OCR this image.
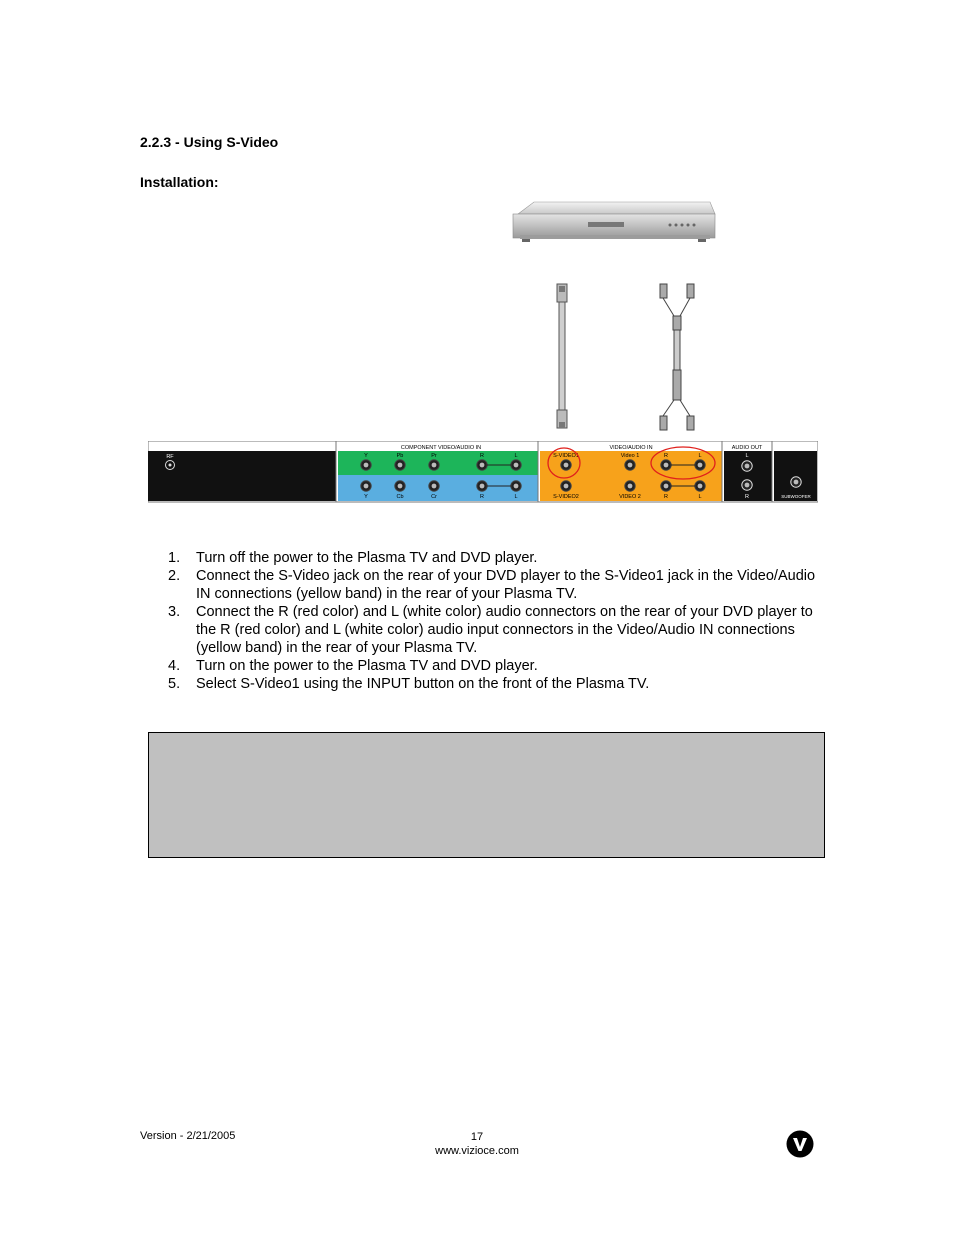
2.2.3 - Using S-Video
Installation:
COMPONENT VIDEO/AUDIO IN	VIDEO/AUDIO IN	AUDIO OUT
RF	Y	Pb	Pr	R	L
Y	Cb	Cr	R	L
S-VIDEO1	Video 1	R	L
S-VIDEO2	VIDEO 2	R	L
L
R	SUBWOOFER
1.	Turn off the power to the Plasma TV and DVD player.
2.	Connect the S-Video jack on the rear of your DVD player to the S-Video1 jack in the Video/Audio IN connections (yellow band) in the rear of your Plasma TV.
3.	Connect the R (red color) and L (white color) audio connectors on the rear of your DVD player to the R (red color) and L (white color) audio input connectors in the Video/Audio IN connections (yellow band) in the rear of your Plasma TV.
4.	Turn on the power to the Plasma TV and DVD player.
5.	Select S-Video1 using the INPUT button on the front of the Plasma TV.
Version - 2/21/2005	17
www.vizioce.com
